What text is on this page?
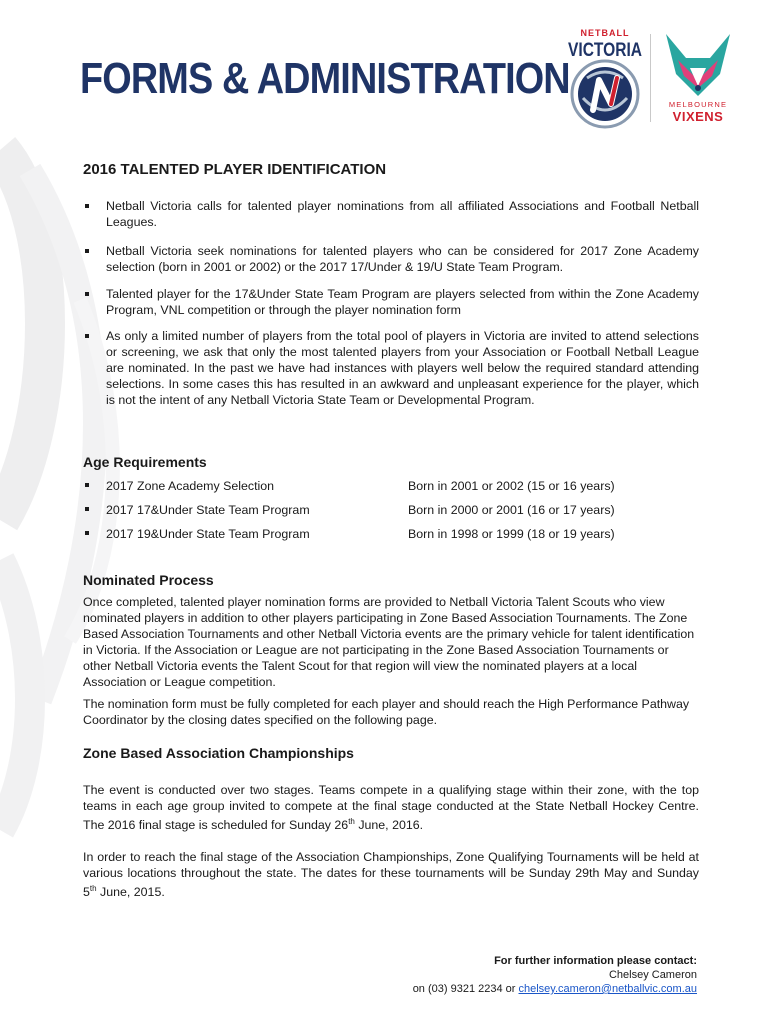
FORMS & ADMINISTRATION
NETBALL
VICTORIA
MELBOURNE
VIXENS
2016 TALENTED PLAYER IDENTIFICATION
Netball Victoria calls for talented player nominations from all affiliated Associations and Football Netball Leagues.
Netball Victoria seek nominations for talented players who can be considered for 2017 Zone Academy selection (born in 2001 or 2002) or the 2017 17/Under & 19/U State Team Program.
Talented player for the 17&Under State Team Program are players selected from within the Zone Academy Program, VNL competition or through the player nomination form
As only a limited number of players from the total pool of players in Victoria are invited to attend selections or screening, we ask that only the most talented players from your Association or Football Netball League are nominated. In the past we have had instances with players well below the required standard attending selections. In some cases this has resulted in an awkward and unpleasant experience for the player, which is not the intent of any Netball Victoria State Team or Developmental Program.
Age Requirements
2017 Zone Academy Selection	Born in 2001 or 2002 (15 or 16 years)
2017 17&Under State Team Program	Born in 2000 or 2001 (16 or 17 years)
2017 19&Under State Team Program	Born in 1998 or 1999 (18 or 19 years)
Nominated Process

Once completed, talented player nomination forms are provided to Netball Victoria Talent Scouts who view nominated players in addition to other players participating in Zone Based Association Tournaments. The Zone Based Association Tournaments and other Netball Victoria events are the primary vehicle for talent identification in Victoria. If the Association or League are not participating in the Zone Based Association Tournaments or other Netball Victoria events the Talent Scout for that region will view the nominated players at a local Association or League competition.

The nomination form must be fully completed for each player and should reach the High Performance Pathway Coordinator by the closing dates specified on the following page.

Zone Based Association Championships

The event is conducted over two stages. Teams compete in a qualifying stage within their zone, with the top teams in each age group invited to compete at the final stage conducted at the State Netball Hockey Centre. The 2016 final stage is scheduled for Sunday 26th June, 2016.

In order to reach the final stage of the Association Championships, Zone Qualifying Tournaments will be held at various locations throughout the state. The dates for these tournaments will be Sunday 29th May and Sunday 5th June, 2015.

For further information please contact:
Chelsey Cameron
on (03) 9321 2234 or chelsey.cameron@netballvic.com.au
